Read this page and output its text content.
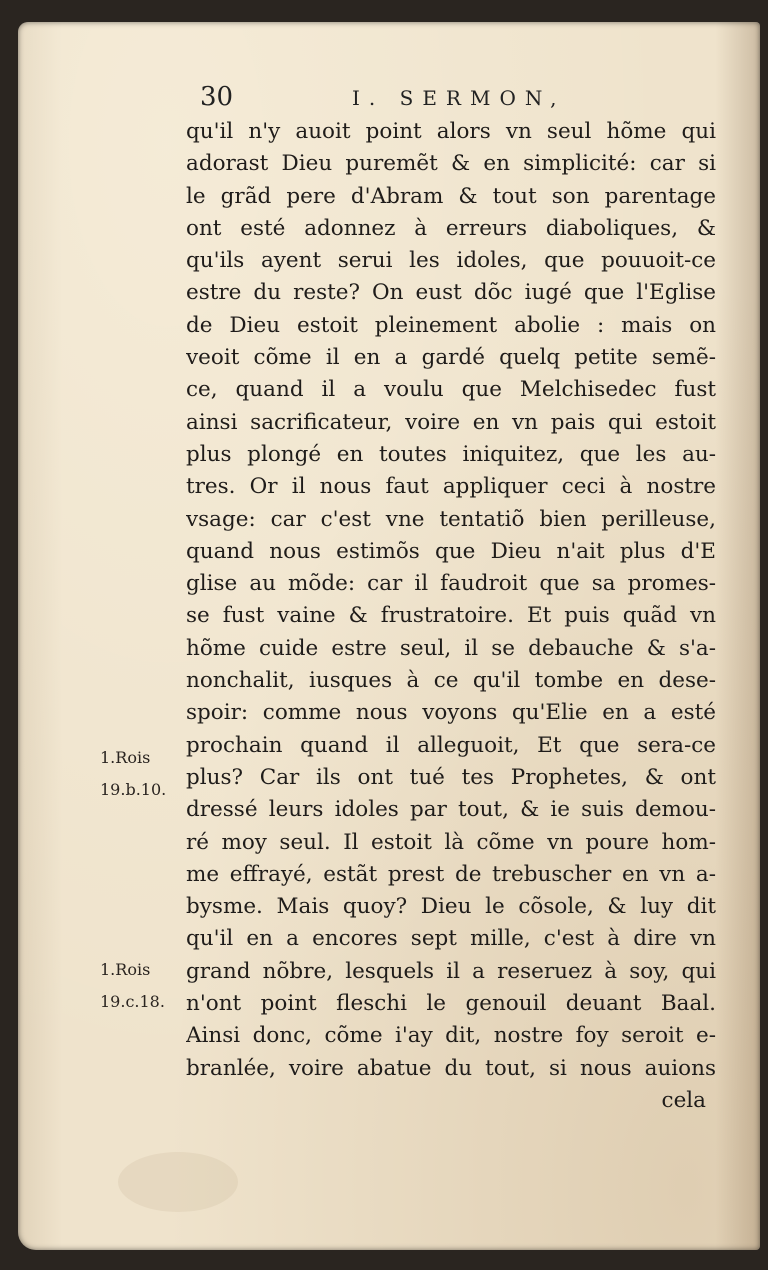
30	I. SERMON,
qu'il n'y auoit point alors vn seul hõme qui
adorast Dieu puremẽt & en simplicité: car si
le grãd pere d'Abram & tout son parentage
ont esté adonnez à erreurs diaboliques, &
qu'ils ayent serui les idoles, que pouuoit-ce
estre du reste? On eust dõc iugé que l'Eglise
de Dieu estoit pleinement abolie : mais on
veoit cõme il en a gardé quelq petite semẽ-
ce, quand il a voulu que Melchisedec fust
ainsi sacrificateur, voire en vn pais qui estoit
plus plongé en toutes iniquitez, que les au-
tres. Or il nous faut appliquer ceci à nostre
vsage: car c'est vne tentatiõ bien perilleuse,
quand nous estimõs que Dieu n'ait plus d'E
glise au mõde: car il faudroit que sa promes-
se fust vaine & frustratoire. Et puis quãd vn
hõme cuide estre seul, il se debauche & s'a-
nonchalit, iusques à ce qu'il tombe en dese-
spoir: comme nous voyons qu'Elie en a esté
prochain quand il alleguoit, Et que sera-ce
plus? Car ils ont tué tes Prophetes, & ont
dressé leurs idoles par tout, & ie suis demou-
ré moy seul. Il estoit là cõme vn poure hom-
me effrayé, estãt prest de trebuscher en vn a-
bysme. Mais quoy? Dieu le cõsole, & luy dit
qu'il en a encores sept mille, c'est à dire vn
grand nõbre, lesquels il a reseruez à soy, qui
n'ont point fleschi le genouil deuant Baal.
Ainsi donc, cõme i'ay dit, nostre foy seroit e-
branlée, voire abatue du tout, si nous auions
cela
1.Rois
19.b.10.
1.Rois
19.c.18.
